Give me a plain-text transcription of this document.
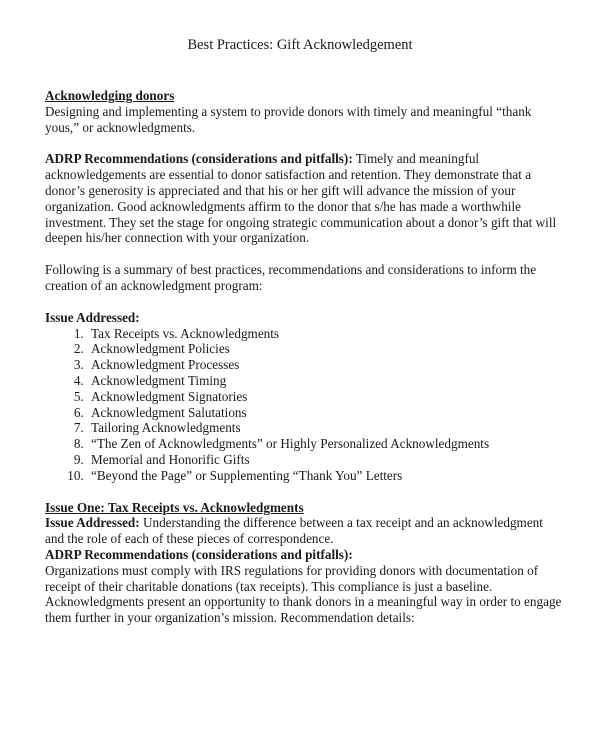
Best Practices: Gift Acknowledgement

Acknowledging donors

Designing and implementing a system to provide donors with timely and meaningful “thank yous,” or acknowledgments.

ADRP Recommendations (considerations and pitfalls): Timely and meaningful acknowledgements are essential to donor satisfaction and retention. They demonstrate that a donor’s generosity is appreciated and that his or her gift will advance the mission of your organization. Good acknowledgments affirm to the donor that s/he has made a worthwhile investment. They set the stage for ongoing strategic communication about a donor’s gift that will deepen his/her connection with your organization.

Following is a summary of best practices, recommendations and considerations to inform the creation of an acknowledgment program:

Issue Addressed:

1. Tax Receipts vs. Acknowledgments
2. Acknowledgment Policies
3. Acknowledgment Processes
4. Acknowledgment Timing
5. Acknowledgment Signatories
6. Acknowledgment Salutations
7. Tailoring Acknowledgments
8. “The Zen of Acknowledgments” or Highly Personalized Acknowledgments
9. Memorial and Honorific Gifts
10. “Beyond the Page” or Supplementing “Thank You” Letters

Issue One: Tax Receipts vs. Acknowledgments

Issue Addressed: Understanding the difference between a tax receipt and an acknowledgment and the role of each of these pieces of correspondence.

ADRP Recommendations (considerations and pitfalls):

Organizations must comply with IRS regulations for providing donors with documentation of receipt of their charitable donations (tax receipts). This compliance is just a baseline. Acknowledgments present an opportunity to thank donors in a meaningful way in order to engage them further in your organization’s mission. Recommendation details:
